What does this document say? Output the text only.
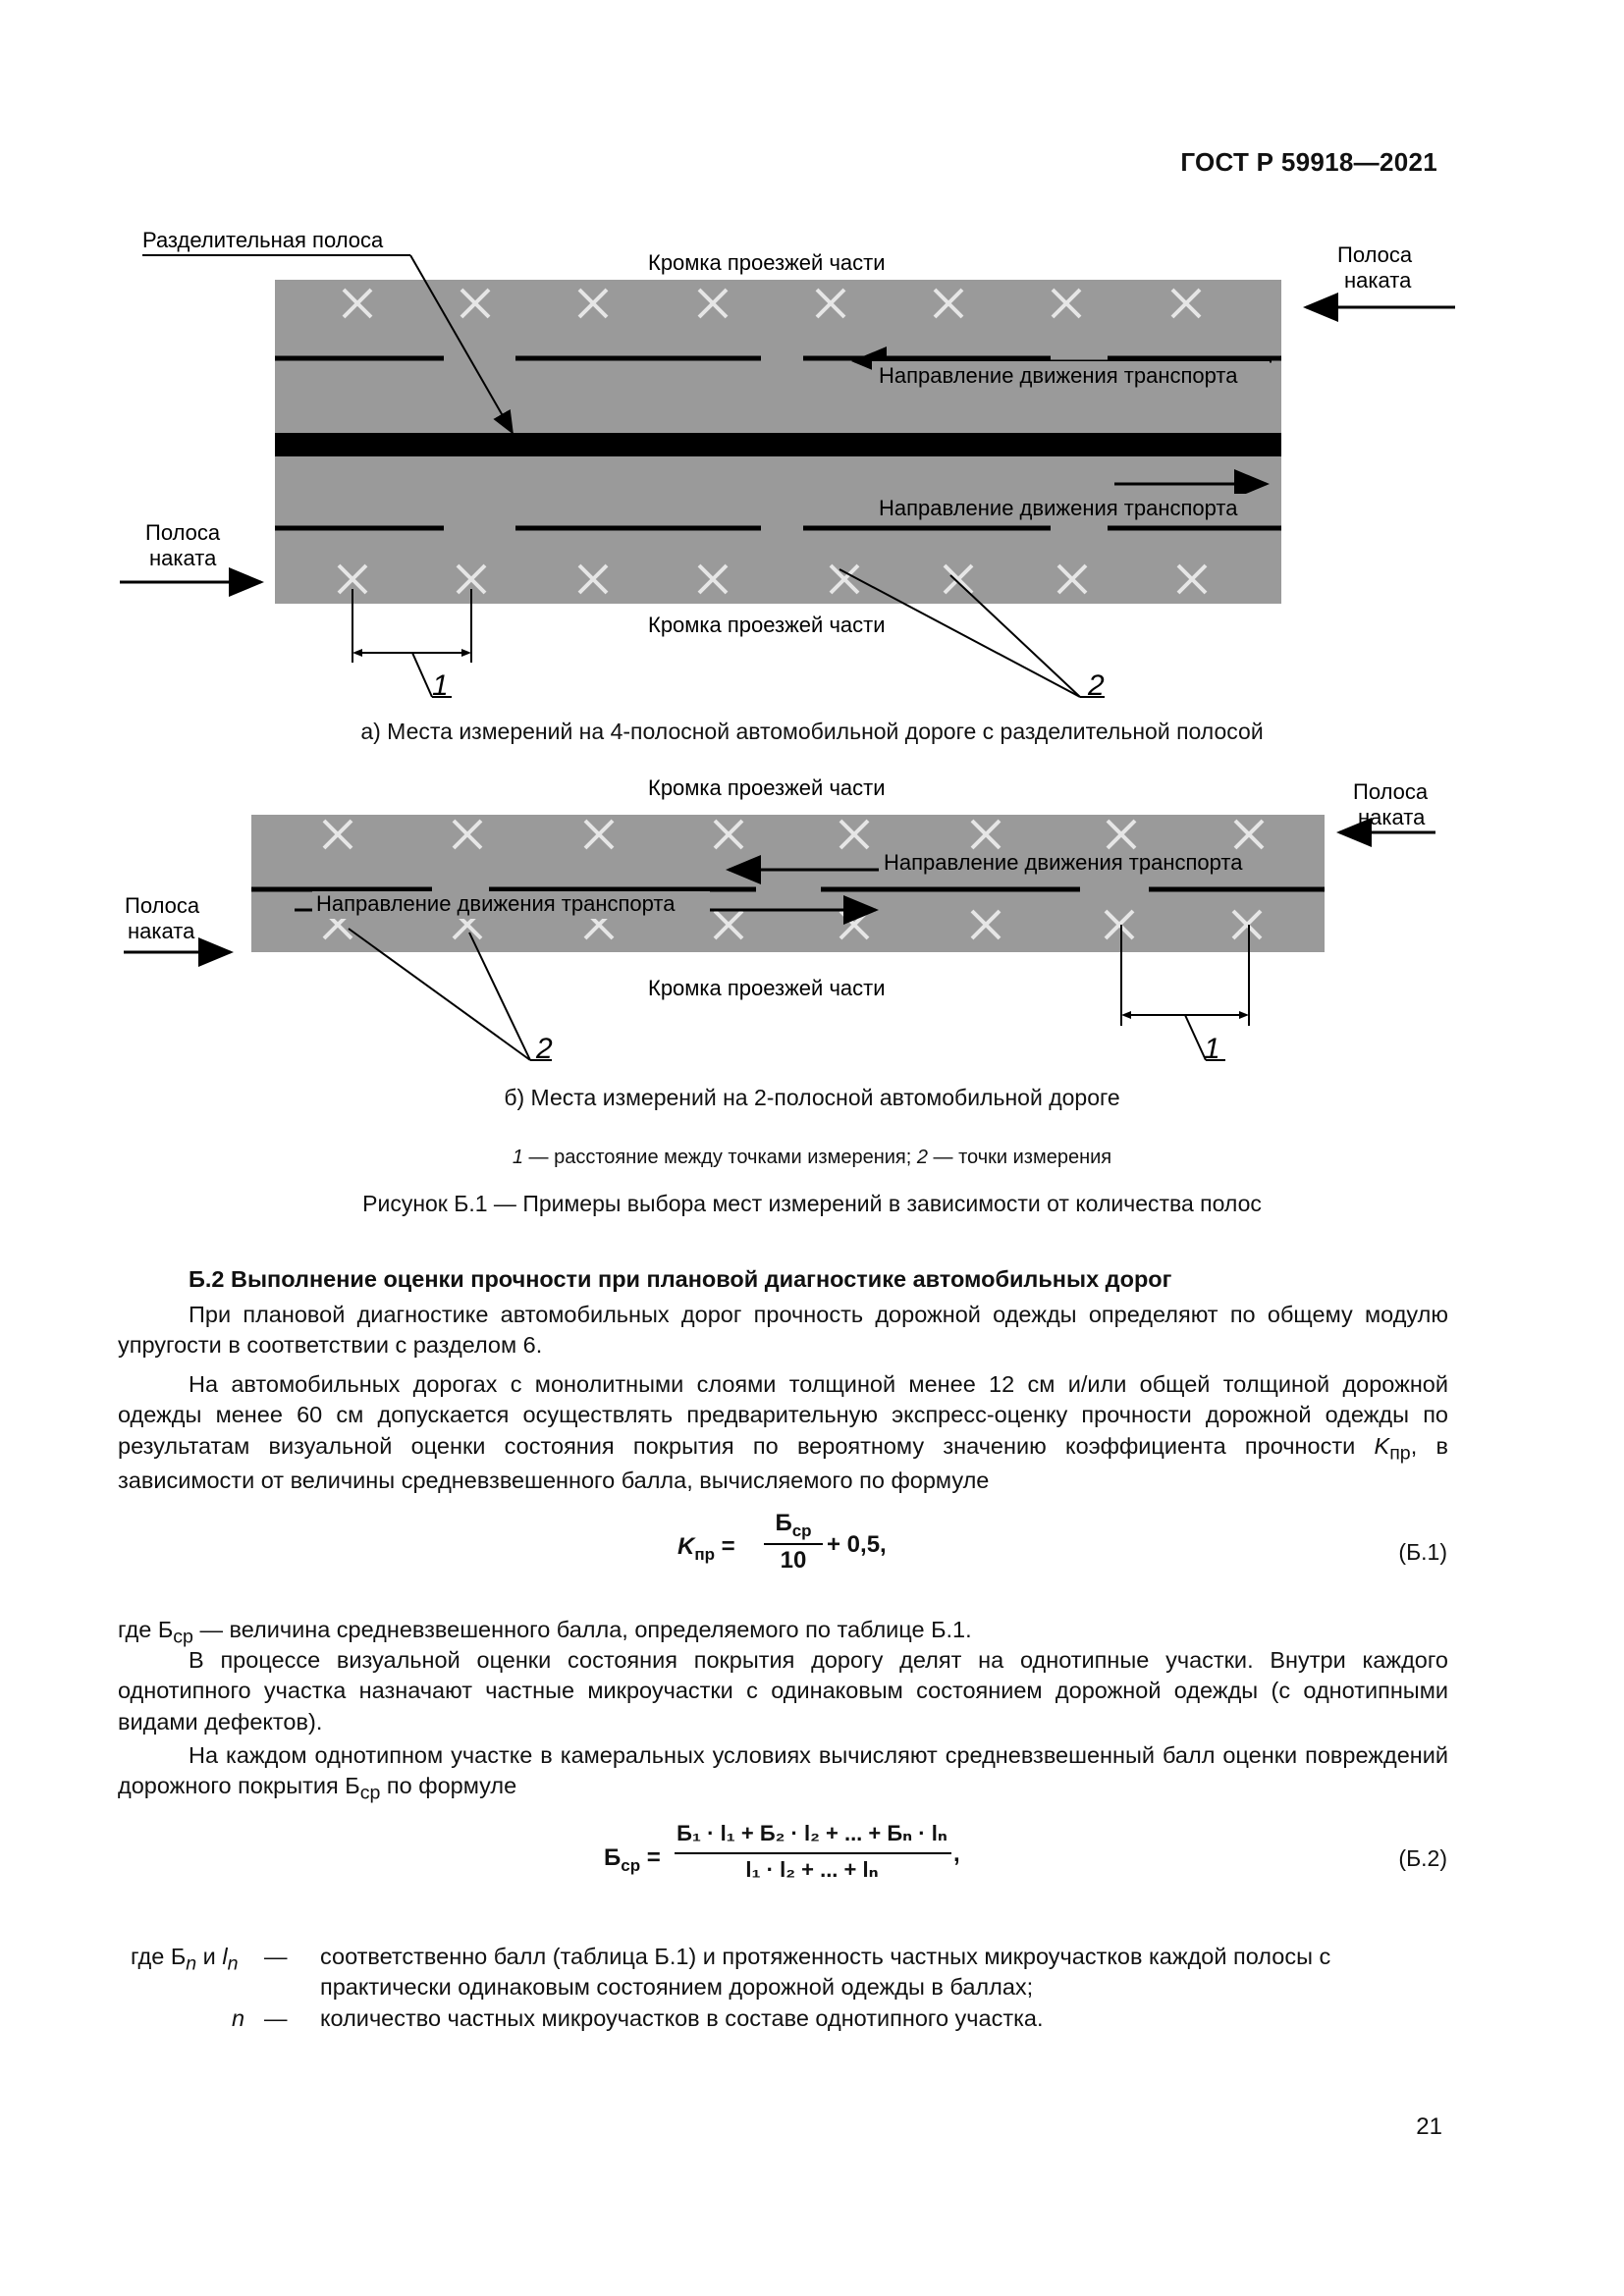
ГОСТ Р 59918—2021
Направление движения транспорта
Направление движения транспорта
Разделительная полоса
Кромка проезжей части	Полоса
наката
Полоса
наката
Кромка проезжей части
1	2
а) Места измерений на 4-полосной автомобильной дороге с разделительной полосой
Направление движения транспорта
Направление движения транспорта
Кромка проезжей части	Полоса
наката
Полоса
наката
Кромка проезжей части
1
2
б) Места измерений на 2-полосной автомобильной дороге
1 — расстояние между точками измерения; 2 — точки измерения
Рисунок Б.1 — Примеры выбора мест измерений в зависимости от количества полос

Б.2 Выполнение оценки прочности при плановой диагностике автомобильных дорог

При плановой диагностике автомобильных дорог прочность дорожной одежды определяют по общему модулю упругости в соответствии с разделом 6.

На автомобильных дорогах с монолитными слоями толщиной менее 12 см и/или общей толщиной дорожной одежды менее 60 см допускается осуществлять предварительную экспресс-оценку прочности дорожной одежды по результатам визуальной оценки состояния покрытия по вероятному значению коэффициента прочности $K_{пр}$, в зависимости от величины средневзвешенного балла, вычисляемого по формуле

$K_{пр}$ =
$Б_{ср}$
10
+ 0,5,	(Б.1)

где $Б_{ср}$ — величина средневзвешенного балла, определяемого по таблице Б.1.

В процессе визуальной оценки состояния покрытия дорогу делят на однотипные участки. Внутри каждого однотипного участка назначают частные микроучастки с одинаковым состоянием дорожной одежды (с однотипными видами дефектов).

На каждом однотипном участке в камеральных условиях вычисляют средневзвешенный балл оценки повреждений дорожного покрытия $Б_{ср}$ по формуле

$Б_{ср}$ =
Б₁ · l₁ + Б₂ · l₂ + ... + Бₙ · lₙ
l₁ · l₂ + ... + lₙ
,	(Б.2)
где $Б_n$ и $l_n$ — соответственно балл (таблица Б.1) и протяженность частных микроучастков каждой полосы с практически одинаковым состоянием дорожной одежды в баллах;
n — количество частных микроучастков в составе однотипного участка.
21
